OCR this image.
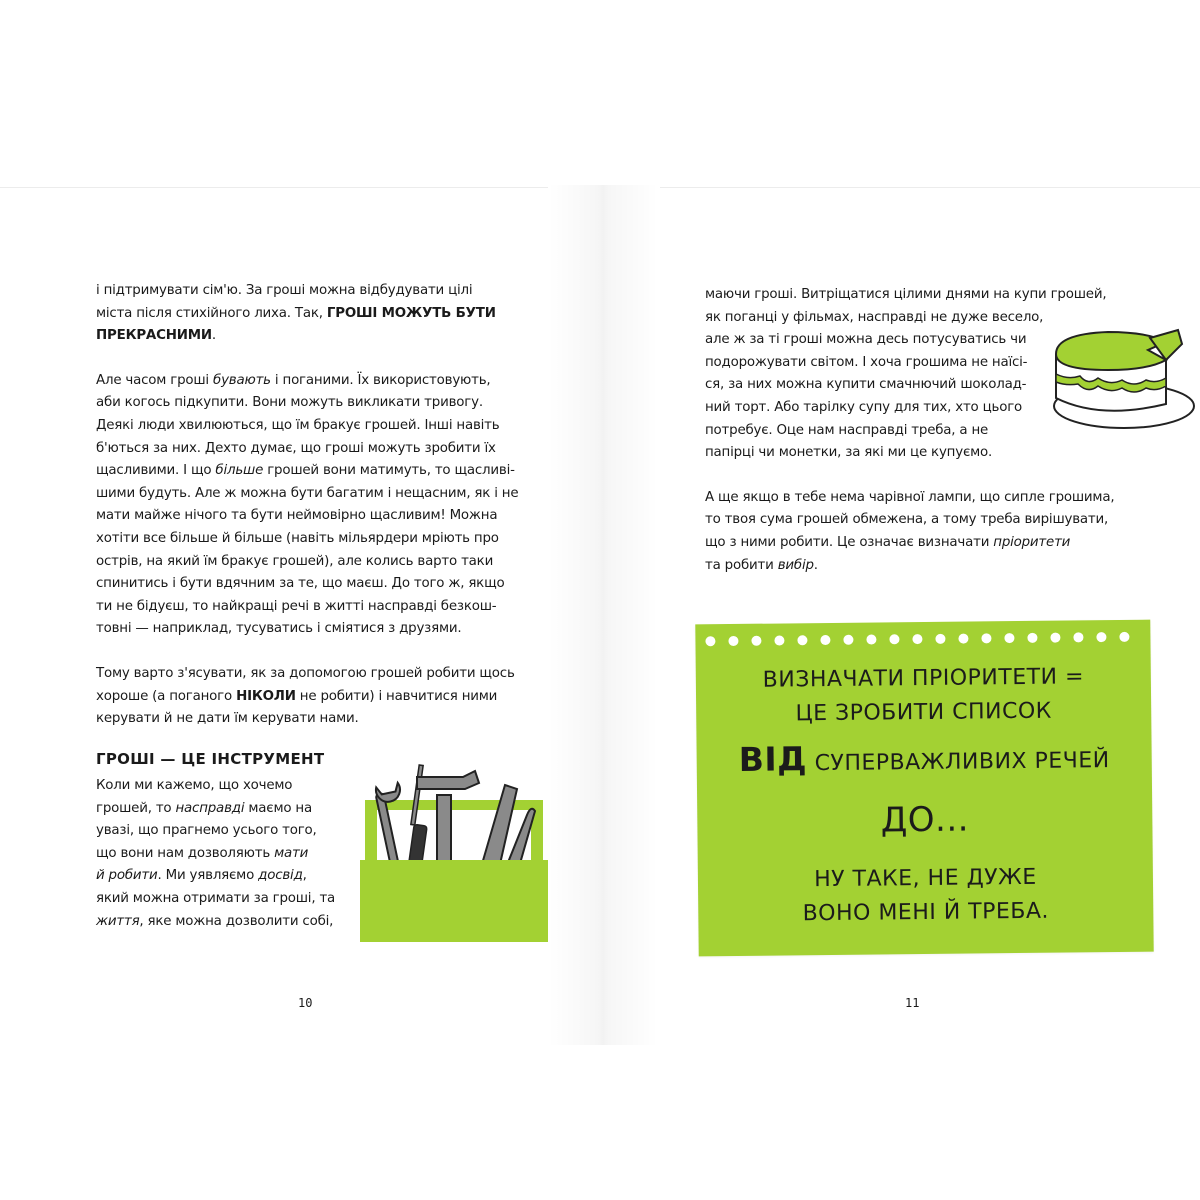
і підтримувати сім'ю. За гроші можна відбудувати цілі
міста після стихійного лиха. Так, ГРОШІ МОЖУТЬ БУТИ
ПРЕКРАСНИМИ.

Але часом гроші бувають і поганими. Їх використовують,
аби когось підкупити. Вони можуть викликати тривогу.
Деякі люди хвилюються, що їм бракує грошей. Інші навіть
б'ються за них. Дехто думає, що гроші можуть зробити їх
щасливими. І що більше грошей вони матимуть, то щасливі-
шими будуть. Але ж можна бути багатим і нещасним, як і не
мати майже нічого та бути неймовірно щасливим! Можна
хотіти все більше й більше (навіть мільярдери мріють про
острів, на який їм бракує грошей), але колись варто таки
спинитись і бути вдячним за те, що маєш. До того ж, якщо
ти не бідуєш, то найкращі речі в житті насправді безкош-
товні — наприклад, тусуватись і сміятися з друзями.

Тому варто з'ясувати, як за допомогою грошей робити щось
хороше (а поганого НІКОЛИ не робити) і навчитися ними
керувати й не дати їм керувати нами.

ГРОШІ — ЦЕ ІНСТРУМЕНТ
Коли ми кажемо, що хочемо
грошей, то насправді маємо на
увазі, що прагнемо усього того,
що вони нам дозволяють мати
й робити. Ми уявляємо досвід,
який можна отримати за гроші, та
життя, яке можна дозволити собі,
10

маючи гроші. Витріщатися цілими днями на купи грошей,
як поганці у фільмах, насправді не дуже весело,
але ж за ті гроші можна десь потусуватись чи
подорожувати світом. І хоча грошима не наїсі-
ся, за них можна купити смачнючий шоколад-
ний торт. Або тарілку супу для тих, хто цього
потребує. Оце нам насправді треба, а не
папірці чи монетки, за які ми це купуємо.

А ще якщо в тебе нема чарівної лампи, що сипле грошима,
то твоя сума грошей обмежена, а тому треба вирішувати,
що з ними робити. Це означає визначати пріоритети
та робити вибір.

ВИЗНАЧАТИ ПРІОРИТЕТИ =
ЦЕ ЗРОБИТИ СПИСОК
ВІД СУПЕРВАЖЛИВИХ РЕЧЕЙ
ДО...
НУ ТАКЕ, НЕ ДУЖЕ
ВОНО МЕНІ Й ТРЕБА.
11
